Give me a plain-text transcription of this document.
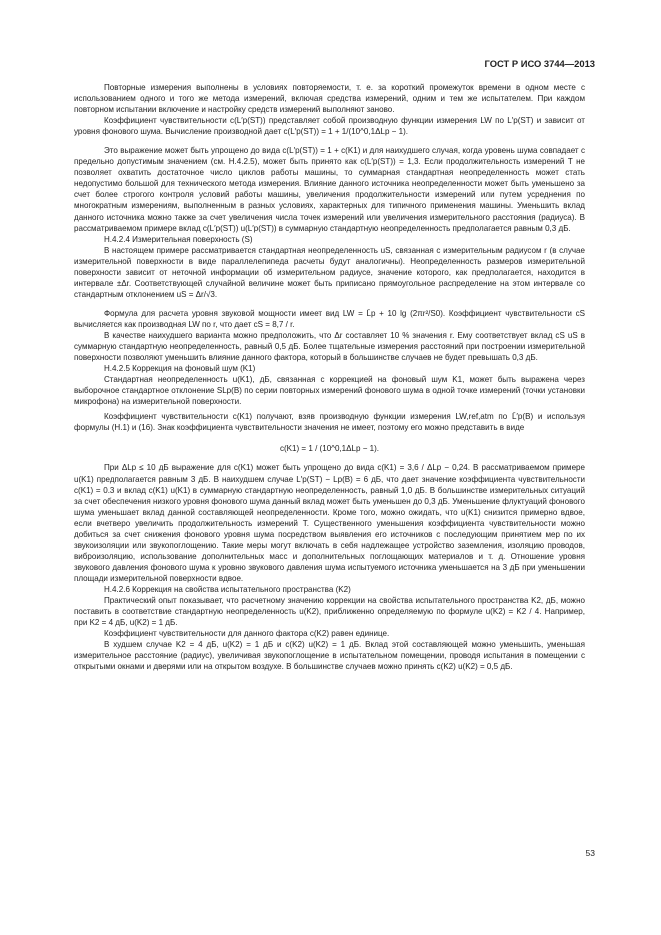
ГОСТ Р ИСО 3744—2013

Повторные измерения выполнены в условиях повторяемости, т. е. за короткий промежуток времени в одном месте с использованием одного и того же метода измерений, включая средства измерений, одним и тем же испытателем. При каждом повторном испытании включение и настройку средств измерений выполняют заново.

Коэффициент чувствительности c(L′p(ST)) представляет собой производную функции измерения LW по L′p(ST) и зависит от уровня фонового шума. Вычисление производной дает c(L′p(ST)) = 1 + 1/(10^0,1ΔLp − 1).

Это выражение может быть упрощено до вида c(L′p(ST)) = 1 + c(K1) и для наихудшего случая, когда уровень шума совпадает с предельно допустимым значением (см. Н.4.2.5), может быть принято как c(L′p(ST)) = 1,3. Если продолжительность измерений T не позволяет охватить достаточное число циклов работы машины, то суммарная стандартная неопределенность может стать недопустимо большой для технического метода измерения. Влияние данного источника неопределенности может быть уменьшено за счет более строгого контроля условий работы машины, увеличения продолжительности измерений или путем усреднения по многократным измерениям, выполненным в разных условиях, характерных для типичного применения машины. Уменьшить вклад данного источника можно также за счет увеличения числа точек измерений или увеличения измерительного расстояния (радиуса). В рассматриваемом примере вклад c(L′p(ST)) u(L′p(ST)) в суммарную стандартную неопределенность предполагается равным 0,3 дБ.

Н.4.2.4 Измерительная поверхность (S)

В настоящем примере рассматривается стандартная неопределенность uS, связанная с измерительным радиусом r (в случае измерительной поверхности в виде параллелепипеда расчеты будут аналогичны). Неопределенность размеров измерительной поверхности зависит от неточной информации об измерительном радиусе, значение которого, как предполагается, находится в интервале ±Δr. Соответствующей случайной величине может быть приписано прямоугольное распределение на этом интервале со стандартным отклонением uS = Δr/√3.

Формула для расчета уровня звуковой мощности имеет вид LW = L̄p + 10 lg (2πr²/S0). Коэффициент чувствительности cS вычисляется как производная LW по r, что дает cS = 8,7 / r.

В качестве наихудшего варианта можно предположить, что Δr составляет 10 % значения r. Ему соответствует вклад cS uS в суммарную стандартную неопределенность, равный 0,5 дБ. Более тщательные измерения расстояний при построении измерительной поверхности позволяют уменьшить влияние данного фактора, который в большинстве случаев не будет превышать 0,3 дБ.

Н.4.2.5 Коррекция на фоновый шум (K1)

Стандартная неопределенность u(K1), дБ, связанная с коррекцией на фоновый шум K1, может быть выражена через выборочное стандартное отклонение SLp(B) по серии повторных измерений фонового шума в одной точке измерений (точки установки микрофона) на измерительной поверхности.

Коэффициент чувствительности c(K1) получают, взяв производную функции измерения LW,ref,atm по L̄′p(B) и используя формулы (Н.1) и (16). Знак коэффициента чувствительности значения не имеет, поэтому его можно представить в виде

c(K1) = 1 / (10^0,1ΔLp − 1).

При ΔLp ≤ 10 дБ выражение для c(K1) может быть упрощено до вида c(K1) = 3,6 / ΔLp − 0,24. В рассматриваемом примере u(K1) предполагается равным 3 дБ. В наихудшем случае L′p(ST) − Lp(B) = 6 дБ, что дает значение коэффициента чувствительности c(K1) = 0.3 и вклад c(K1) u(K1) в суммарную стандартную неопределенность, равный 1,0 дБ. В большинстве измерительных ситуаций за счет обеспечения низкого уровня фонового шума данный вклад может быть уменьшен до 0,3 дБ. Уменьшение флуктуаций фонового шума уменьшает вклад данной составляющей неопределенности. Кроме того, можно ожидать, что u(K1) снизится примерно вдвое, если вчетверо увеличить продолжительность измерений T. Существенного уменьшения коэффициента чувствительности можно добиться за счет снижения фонового уровня шума посредством выявления его источников с последующим принятием мер по их звукоизоляции или звукопоглощению. Такие меры могут включать в себя надлежащее устройство заземления, изоляцию проводов, виброизоляцию, использование дополнительных масс и дополнительных поглощающих материалов и т. д. Отношение уровня звукового давления фонового шума к уровню звукового давления шума испытуемого источника уменьшается на 3 дБ при уменьшении площади измерительной поверхности вдвое.

Н.4.2.6 Коррекция на свойства испытательного пространства (K2)

Практический опыт показывает, что расчетному значению коррекции на свойства испытательного пространства K2, дБ, можно поставить в соответствие стандартную неопределенность u(K2), приближенно определяемую по формуле u(K2) = K2 / 4. Например, при K2 = 4 дБ, u(K2) = 1 дБ.

Коэффициент чувствительности для данного фактора c(K2) равен единице.

В худшем случае K2 = 4 дБ, u(K2) = 1 дБ и c(K2) u(K2) = 1 дБ. Вклад этой составляющей можно уменьшить, уменьшая измерительное расстояние (радиус), увеличивая звукопоглощение в испытательном помещении, проводя испытания в помещении с открытыми окнами и дверями или на открытом воздухе. В большинстве случаев можно принять c(K2) u(K2) = 0,5 дБ.

53
